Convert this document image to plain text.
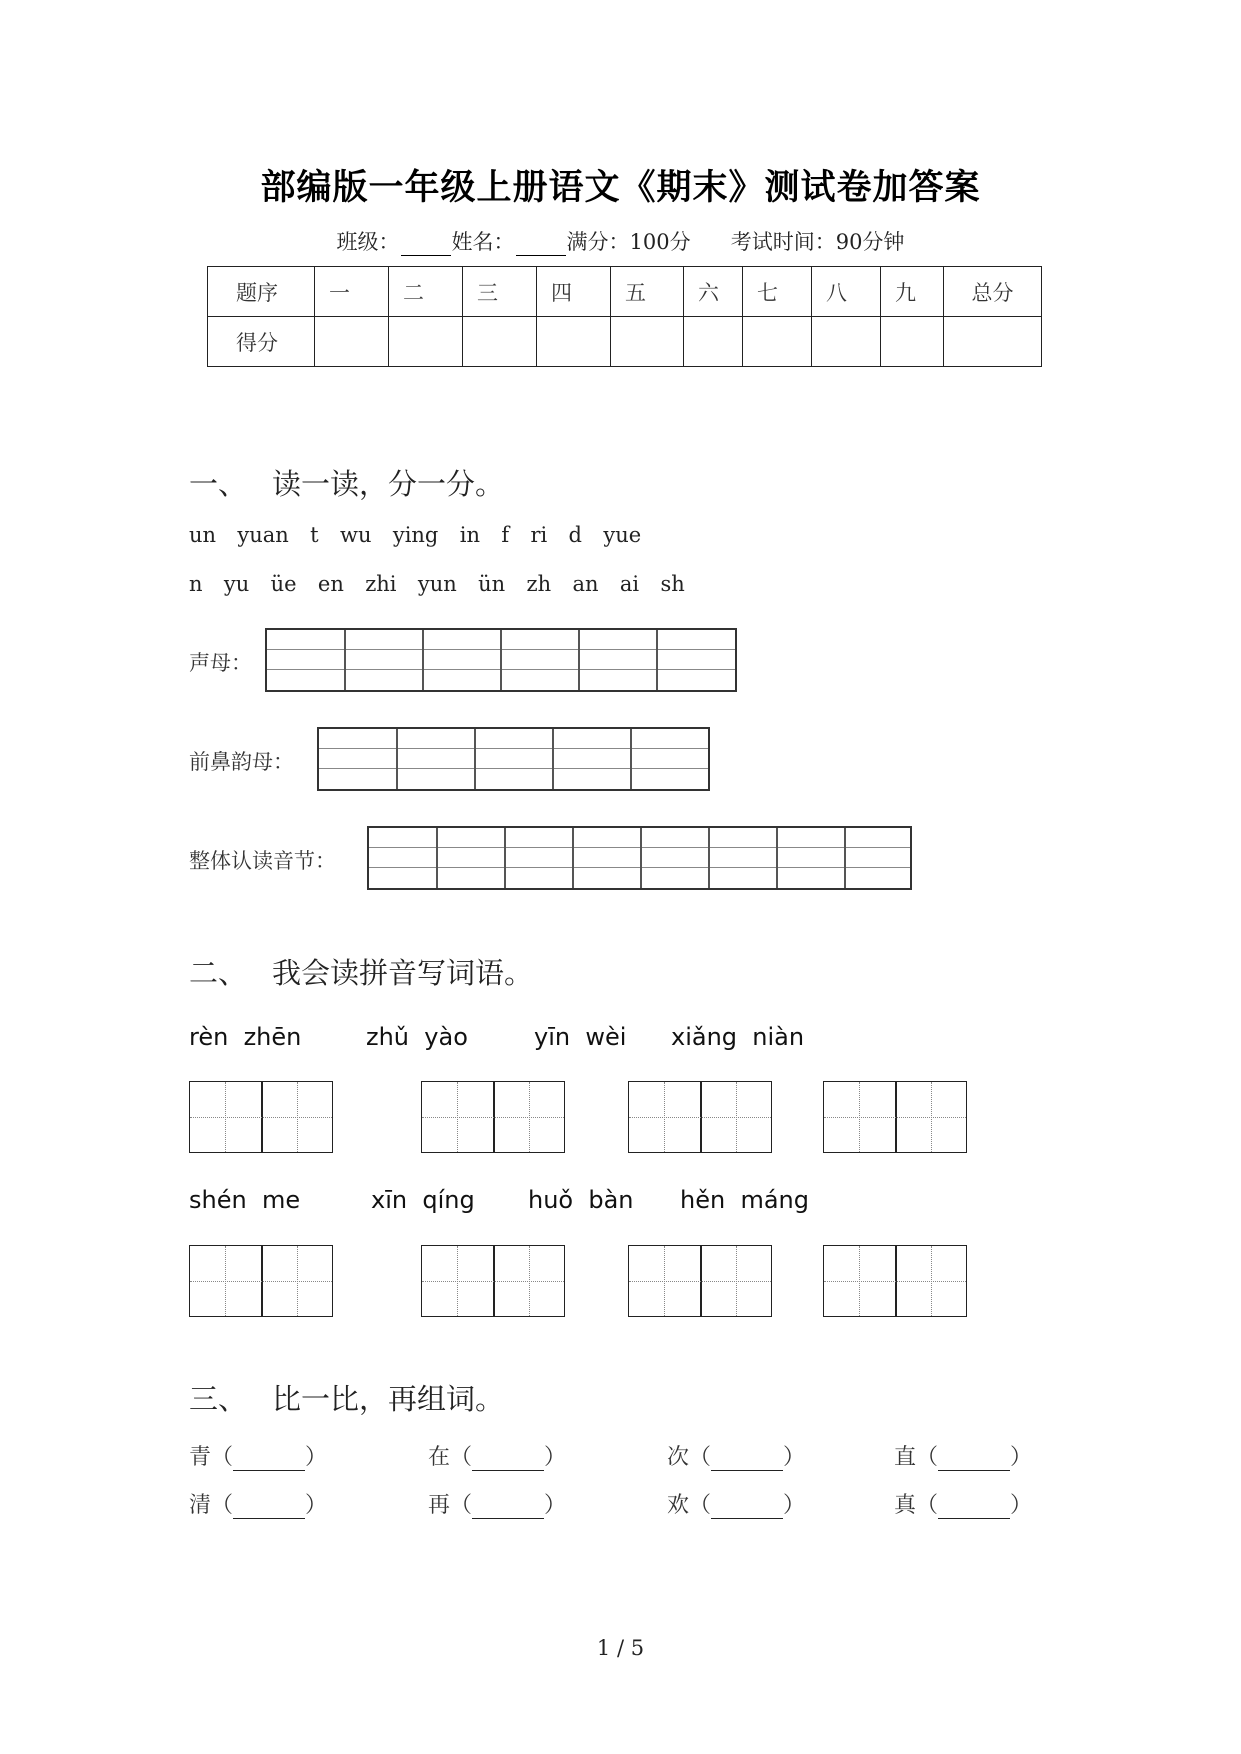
部编版一年级上册语文《期末》测试卷加答案
班级： 姓名： 满分：100分 考试时间：90分钟
题序	一	二	三	四	五	六	七	八	九	总分
得分										
一、 读一读，分一分。
un  yuan  t  wu  ying  in  f  ri  d  yue
n  yu  üe  en  zhi  yun  ün  zh  an  ai  sh
声母：
前鼻韵母：
整体认读音节：
二、 我会读拼音写词语。
rèn  zhēn	zhǔ  yào	yīn  wèi xiǎng  niàn
shén  me	xīn  qíng huǒ  bàn hěn  máng
三、 比一比，再组词。
青（	）	在（	）	次（	）	直（	）
清（	）	再（	）	欢（	）	真（	）
1 / 5
